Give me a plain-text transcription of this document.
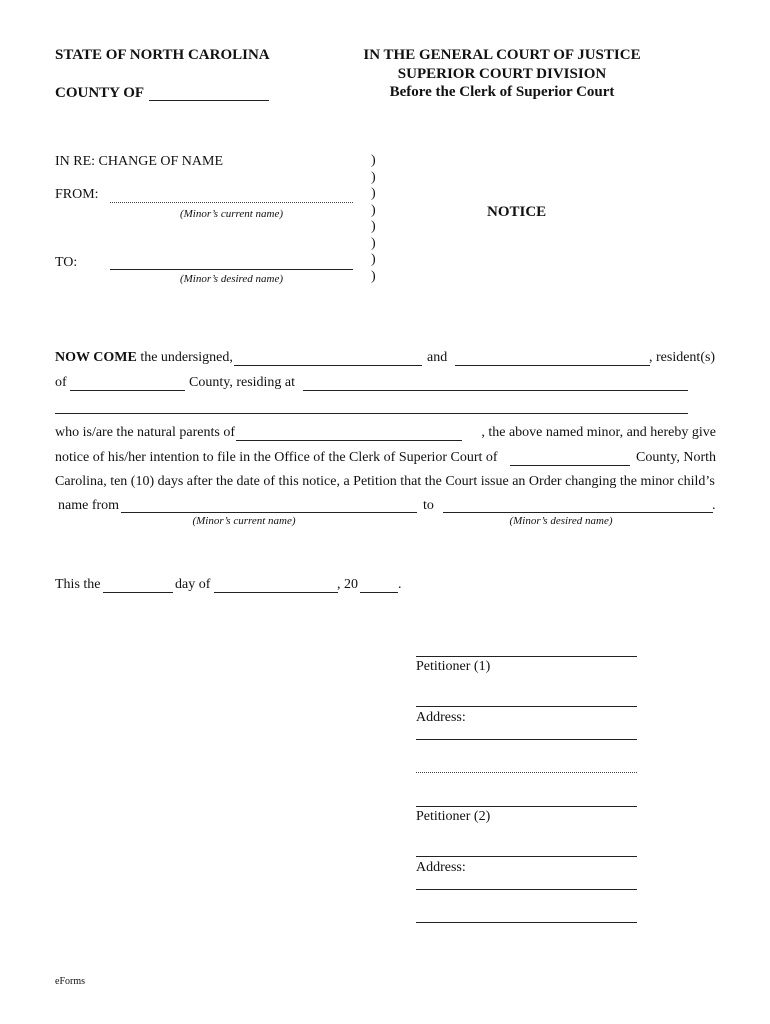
STATE OF NORTH CAROLINA
COUNTY OF
IN THE GENERAL COURT OF JUSTICE
SUPERIOR COURT DIVISION
Before the Clerk of Superior Court
IN RE: CHANGE OF NAME
FROM:
(Minor’s current name)
TO:
(Minor’s desired name)
)
)
)
)
)
)
)
)
NOTICE
NOW COME the undersigned,	and	, resident(s)
of	County, residing at
who is/are the natural parents of	, the above named minor, and hereby give
notice of his/her intention to file in the Office of the Clerk of Superior Court of	County, North
Carolina, ten (10) days after the date of this notice, a Petition that the Court issue an Order changing the minor child’s
name from	to	.
(Minor’s current name)	(Minor’s desired name)
This the	day of	, 20	.
Petitioner (1)
Address:
Petitioner (2)
Address:
eForms
